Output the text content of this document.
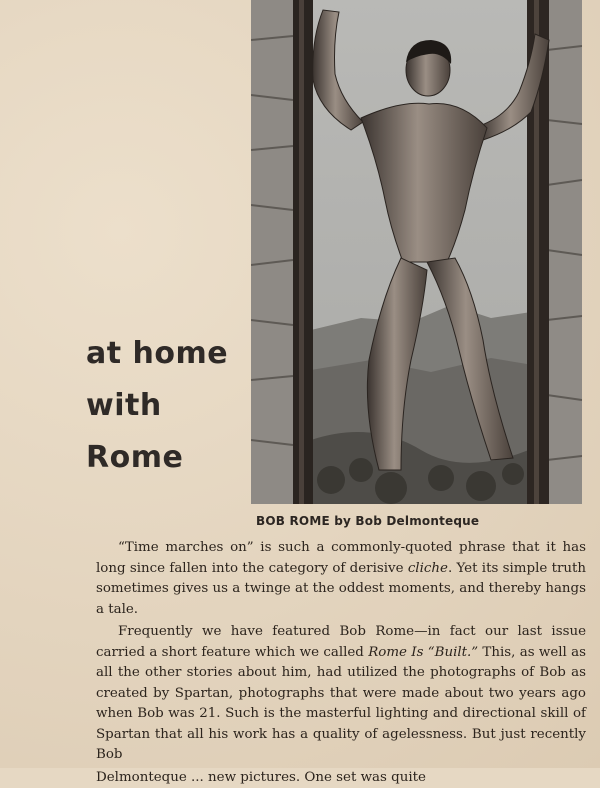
at home
with
Rome
BOB ROME by Bob Delmonteque

“Time marches on” is such a commonly-quoted phrase that it has long since fallen into the category of derisive cliche. Yet its simple truth sometimes gives us a twinge at the oddest moments, and thereby hangs a tale.

Frequently we have featured Bob Rome—in fact our last issue carried a short feature which we called Rome Is “Built.” This, as well as all the other stories about him, had utilized the photographs of Bob as created by Spartan, photographs that were made about two years ago when Bob was 21. Such is the masterful lighting and directional skill of Spartan that all his work has a quality of agelessness. But just recently Bob

Delmonteque ... new pictures. One set was quite
